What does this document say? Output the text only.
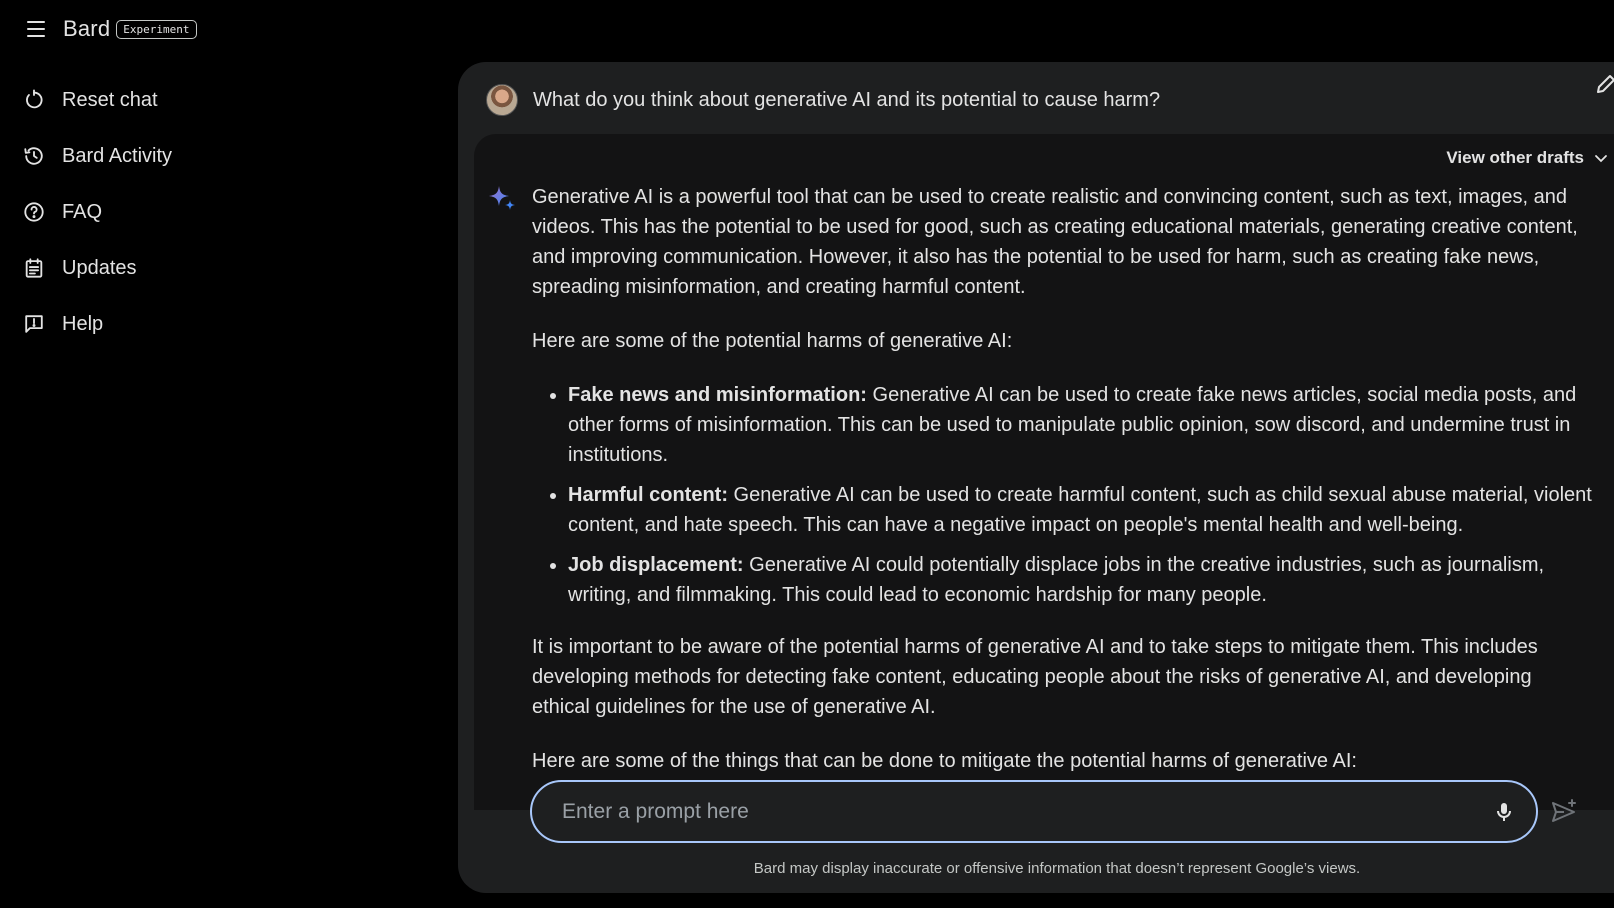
Bard	Experiment
Reset chat
Bard Activity
FAQ
Updates
Help
What do you think about generative AI and its potential to cause harm?
View other drafts

Generative AI is a powerful tool that can be used to create realistic and convincing content, such as text, images, and videos. This has the potential to be used for good, such as creating educational materials, generating creative content, and improving communication. However, it also has the potential to be used for harm, such as creating fake news, spreading misinformation, and creating harmful content.

Here are some of the potential harms of generative AI:

• Fake news and misinformation: Generative AI can be used to create fake news articles, social media posts, and other forms of misinformation. This can be used to manipulate public opinion, sow discord, and undermine trust in institutions.
• Harmful content: Generative AI can be used to create harmful content, such as child sexual abuse material, violent content, and hate speech. This can have a negative impact on people's mental health and well-being.
• Job displacement: Generative AI could potentially displace jobs in the creative industries, such as journalism, writing, and filmmaking. This could lead to economic hardship for many people.

It is important to be aware of the potential harms of generative AI and to take steps to mitigate them. This includes developing methods for detecting fake content, educating people about the risks of generative AI, and developing ethical guidelines for the use of generative AI.

Here are some of the things that can be done to mitigate the potential harms of generative AI:

Enter a prompt here
Bard may display inaccurate or offensive information that doesn’t represent Google’s views.
